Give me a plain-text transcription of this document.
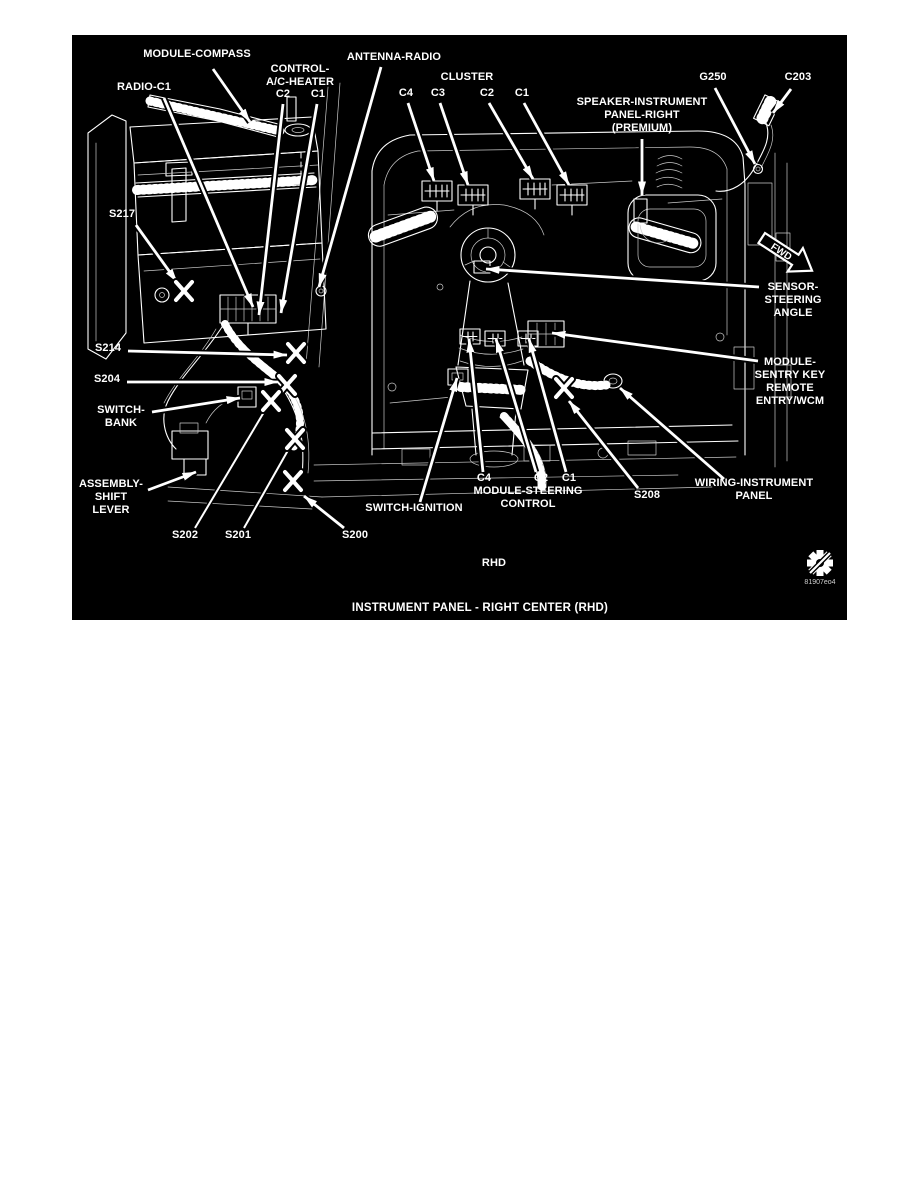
MODULE-COMPASS
RADIO-C1
CONTROL-A/C-HEATER
C2 C1
ANTENNA-RADIO
CLUSTER
C4 C3	C2 C1
SPEAKER-INSTRUMENT PANEL-RIGHT (PREMIUM)
G250	C203
S217
SENSOR-STEERING ANGLE
S214
S204
MODULE-SENTRY KEY REMOTE ENTRY/WCM
SWITCH-BANK
ASSEMBLY-SHIFT LEVER	SWITCH-IGNITION
C4	C2 C1
MODULE-STEERING CONTROL
S208
WIRING-INSTRUMENT PANEL
S202 S201	S200
FWD
RHD
INSTRUMENT PANEL - RIGHT CENTER (RHD)
81907eo4
